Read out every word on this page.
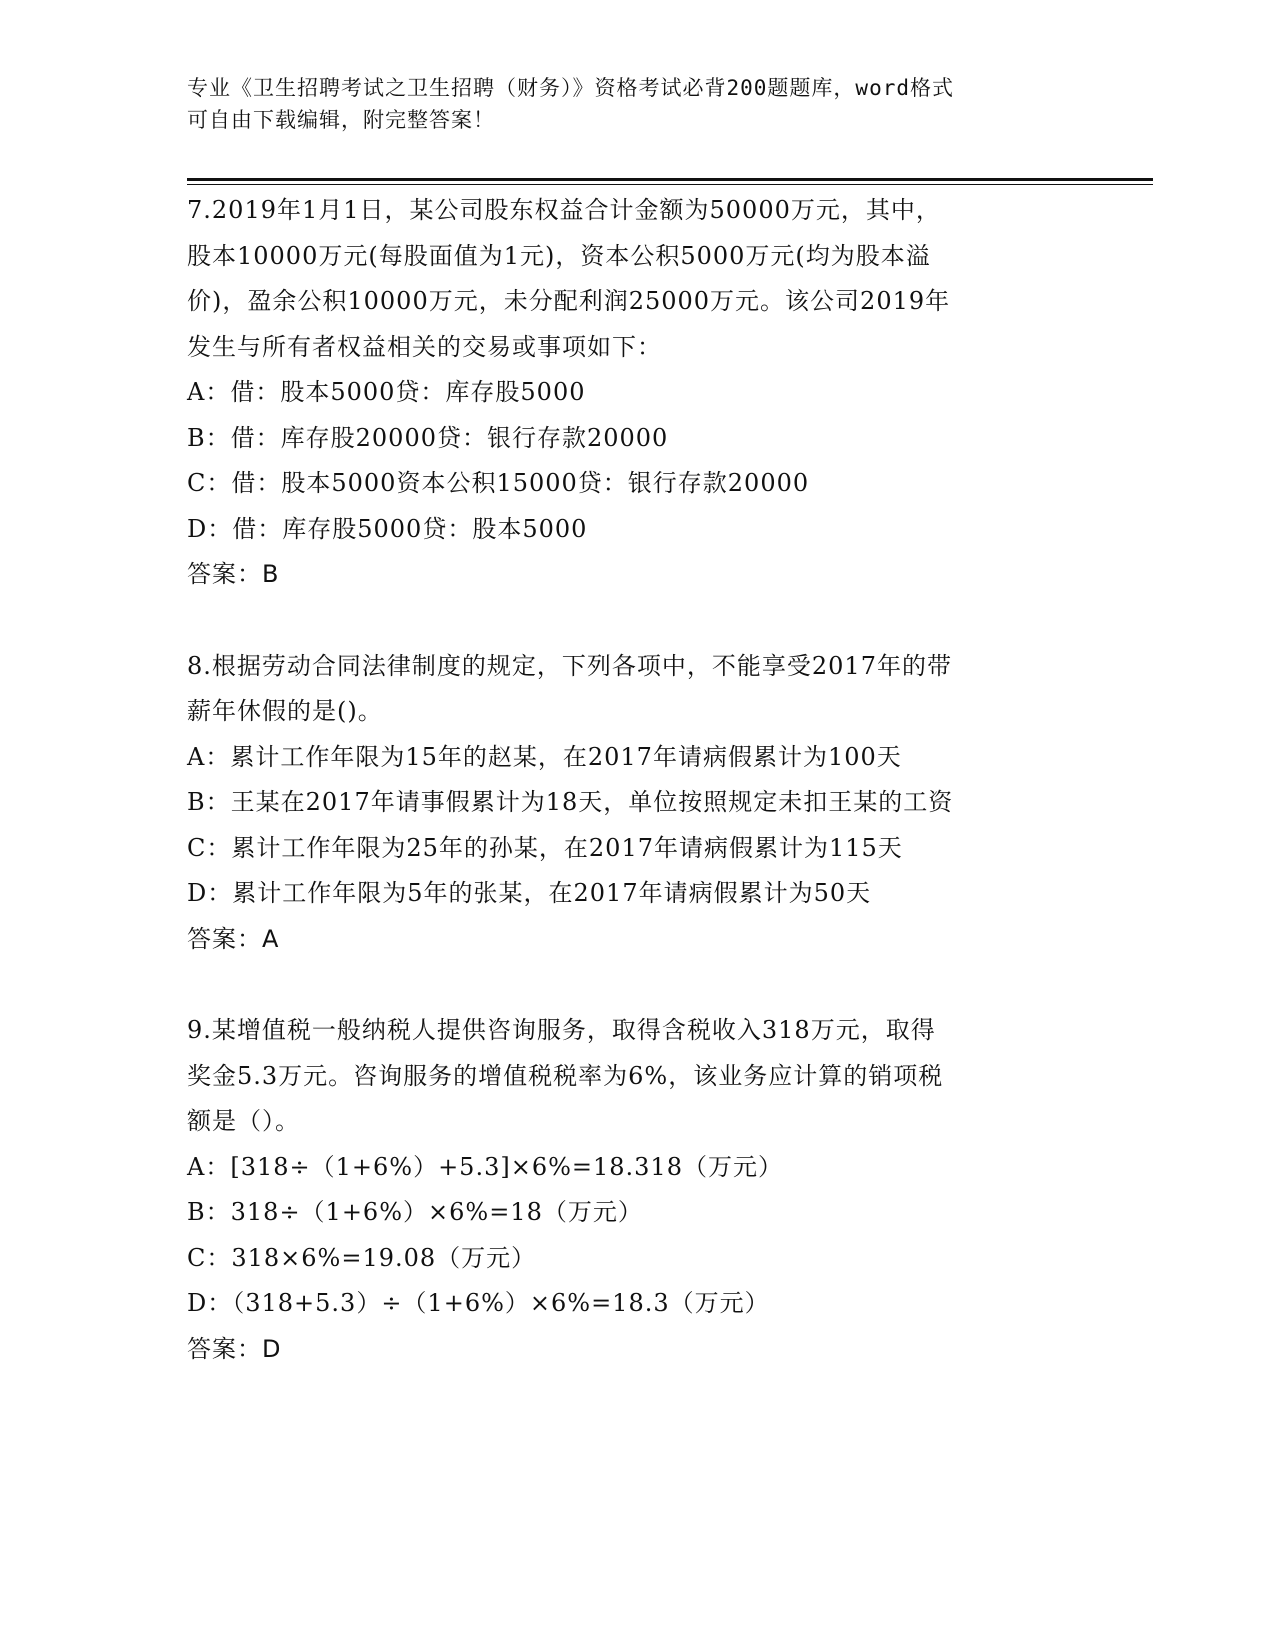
专业《卫生招聘考试之卫生招聘（财务）》资格考试必背200题题库，word格式
可自由下载编辑，附完整答案！
7.2019年1月1日，某公司股东权益合计金额为50000万元，其中，
股本10000万元(每股面值为1元)，资本公积5000万元(均为股本溢
价)，盈余公积10000万元，未分配利润25000万元。该公司2019年
发生与所有者权益相关的交易或事项如下：
A：借：股本5000贷：库存股5000
B：借：库存股20000贷：银行存款20000
C：借：股本5000资本公积15000贷：银行存款20000
D：借：库存股5000贷：股本5000
答案：B
8.根据劳动合同法律制度的规定，下列各项中，不能享受2017年的带
薪年休假的是()。
A：累计工作年限为15年的赵某，在2017年请病假累计为100天
B：王某在2017年请事假累计为18天，单位按照规定未扣王某的工资
C：累计工作年限为25年的孙某，在2017年请病假累计为115天
D：累计工作年限为5年的张某，在2017年请病假累计为50天
答案：A
9.某增值税一般纳税人提供咨询服务，取得含税收入318万元，取得
奖金5.3万元。咨询服务的增值税税率为6%，该业务应计算的销项税
额是（）。
A：[318÷（1+6%）+5.3]×6%=18.318（万元）
B：318÷（1+6%）×6%=18（万元）
C：318×6%=19.08（万元）
D：（318+5.3）÷（1+6%）×6%=18.3（万元）
答案：D
